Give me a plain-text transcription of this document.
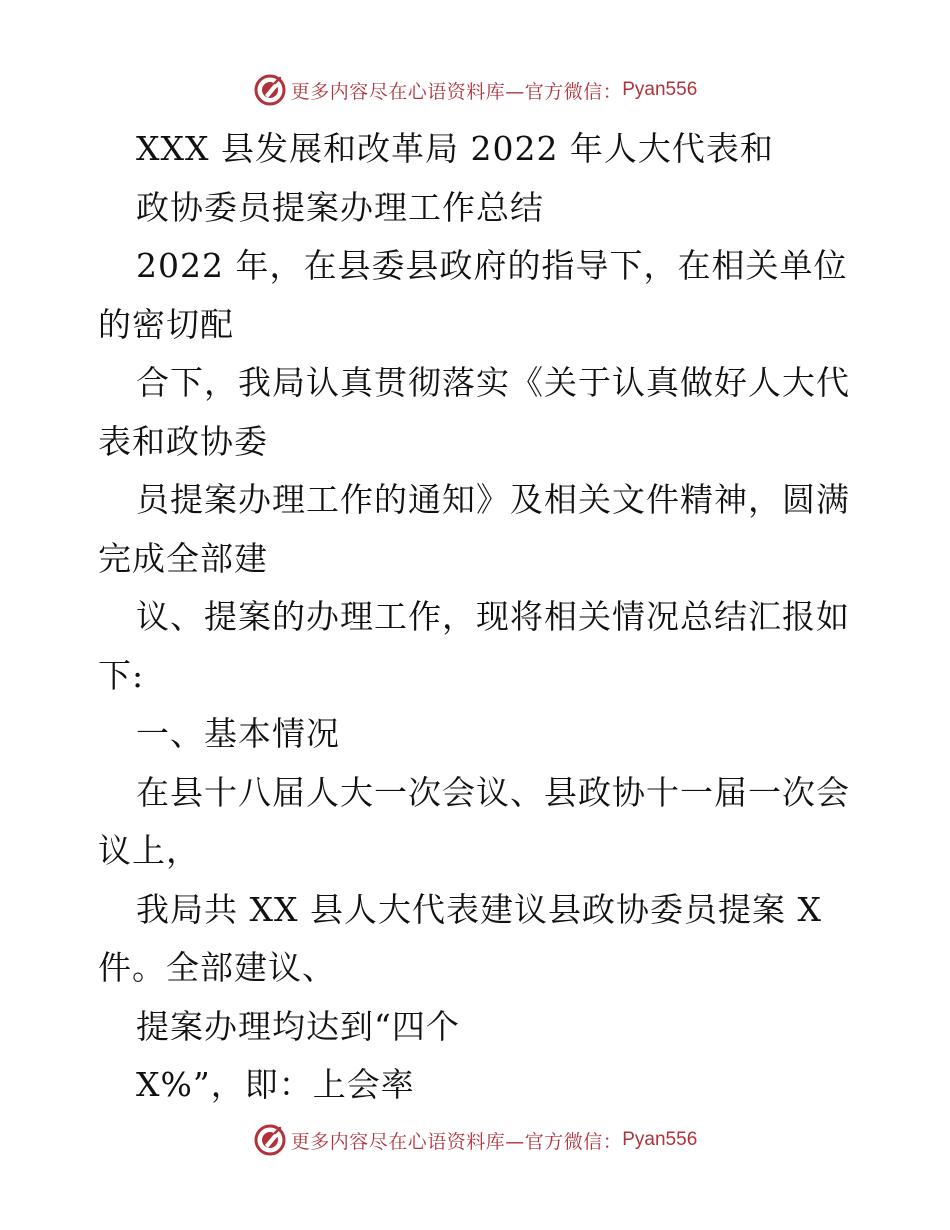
更多内容尽在心语资料库—官方微信： Pyan556
XXX 县发展和改革局 2022 年人大代表和
政协委员提案办理工作总结
2022 年，在县委县政府的指导下，在相关单位
的密切配
合下，我局认真贯彻落实《关于认真做好人大代
表和政协委
员提案办理工作的通知》及相关文件精神，圆满
完成全部建
议、提案的办理工作，现将相关情况总结汇报如
下:
一、基本情况
在县十八届人大一次会议、县政协十一届一次会
议上，
我局共 XX 县人大代表建议县政协委员提案 X
件。全部建议、
提案办理均达到“四个
X%”，即：上会率
更多内容尽在心语资料库—官方微信： Pyan556
